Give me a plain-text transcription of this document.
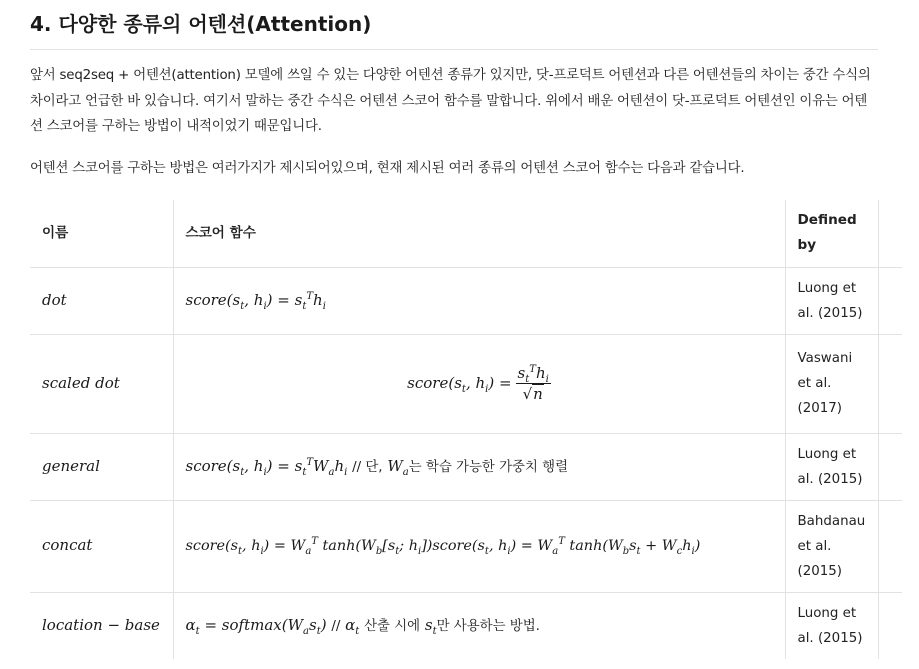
4. 다양한 종류의 어텐션(Attention)

앞서 seq2seq + 어텐션(attention) 모델에 쓰일 수 있는 다양한 어텐션 종류가 있지만, 닷-프로덕트 어텐션과 다른 어텐션들의 차이는 중간 수식의 차이라고 언급한 바 있습니다. 여기서 말하는 중간 수식은 어텐션 스코어 함수를 말합니다. 위에서 배운 어텐션이 닷-프로덕트 어텐션인 이유는 어텐션 스코어를 구하는 방법이 내적이었기 때문입니다.

어텐션 스코어를 구하는 방법은 여러가지가 제시되어있으며, 현재 제시된 여러 종류의 어텐션 스코어 함수는 다음과 같습니다.

이름	스코어 함수	Defined by	
dot	$score(s_t$, $h_i) = s_t^Th_i$	Luong et al. (2015)	
scaled dot	$score(s_t$, $h_i) = \frac{s_t^Th_i}{√n}$	Vaswani et al. (2017)	
general	$score(s_t$, $h_i) = s_t^TW_ah_i$ // 단, $W_a$는 학습 가능한 가중치 행렬	Luong et al. (2015)	
concat	$score(s_t$, $h_i) = W_a^T$ $\tanh(W_b[s_t$; $h_i])score(s_t$, $h_i) = W_a^T$ $\tanh(W_bs_t + W_ch_i)$	Bahdanau et al. (2015)	
location − base	$\alpha_t$ = $softmax(W_as_t) // \alpha_t$ 산출 시에 $s_t$만 사용하는 방법.	Luong et al. (2015)	
